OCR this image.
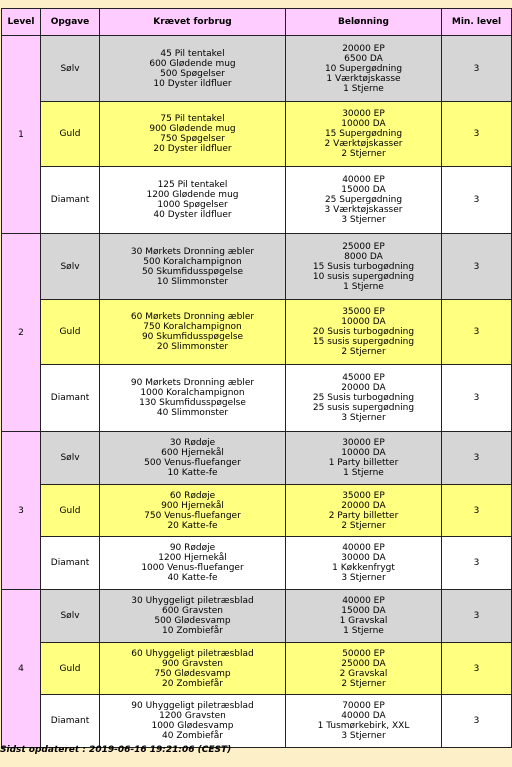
Level	Opgave	Krævet forbrug	Belønning	Min. level
1	Sølv	45 Pil tentakel
600 Glødende mug
500 Spøgelser
10 Dyster ildfluer	20000 EP
6500 DA
10 Supergødning
1 Værktøjskasse
1 Stjerne	3
	Guld	75 Pil tentakel
900 Glødende mug
750 Spøgelser
20 Dyster ildfluer	30000 EP
10000 DA
15 Supergødning
2 Værktøjskasser
2 Stjerner	3
	Diamant	125 Pil tentakel
1200 Glødende mug
1000 Spøgelser
40 Dyster ildfluer	40000 EP
15000 DA
25 Supergødning
3 Værktøjskasser
3 Stjerner	3
2	Sølv	30 Mørkets Dronning æbler
500 Koralchampignon
50 Skumfidusspøgelse
10 Slimmonster	25000 EP
8000 DA
15 Susis turbogødning
10 susis supergødning
1 Stjerne	3
	Guld	60 Mørkets Dronning æbler
750 Koralchampignon
90 Skumfidusspøgelse
20 Slimmonster	35000 EP
10000 DA
20 Susis turbogødning
15 susis supergødning
2 Stjerner	3
	Diamant	90 Mørkets Dronning æbler
1000 Koralchampignon
130 Skumfidusspøgelse
40 Slimmonster	45000 EP
20000 DA
25 Susis turbogødning
25 susis supergødning
3 Stjerner	3
3	Sølv	30 Rødøje
600 Hjernekål
500 Venus-fluefanger
10 Katte-fe	30000 EP
10000 DA
1 Party billetter
1 Stjerne	3
	Guld	60 Rødøje
900 Hjernekål
750 Venus-fluefanger
20 Katte-fe	35000 EP
20000 DA
2 Party billetter
2 Stjerner	3
	Diamant	90 Rødøje
1200 Hjernekål
1000 Venus-fluefanger
40 Katte-fe	40000 EP
30000 DA
1 Køkkenfrygt
3 Stjerner	3
4	Sølv	30 Uhyggeligt piletræsblad
600 Gravsten
500 Glødesvamp
10 Zombiefår	40000 EP
15000 DA
1 Gravskal
1 Stjerne	3
	Guld	60 Uhyggeligt piletræsblad
900 Gravsten
750 Glødesvamp
20 Zombiefår	50000 EP
25000 DA
2 Gravskal
2 Stjerner	3
	Diamant	90 Uhyggeligt piletræsblad
1200 Gravsten
1000 Glødesvamp
40 Zombiefår	70000 EP
40000 DA
1 Tusmørkebirk, XXL
3 Stjerner	3
Sidst opdateret : 2019-06-16 19:21:06 (CEST)
